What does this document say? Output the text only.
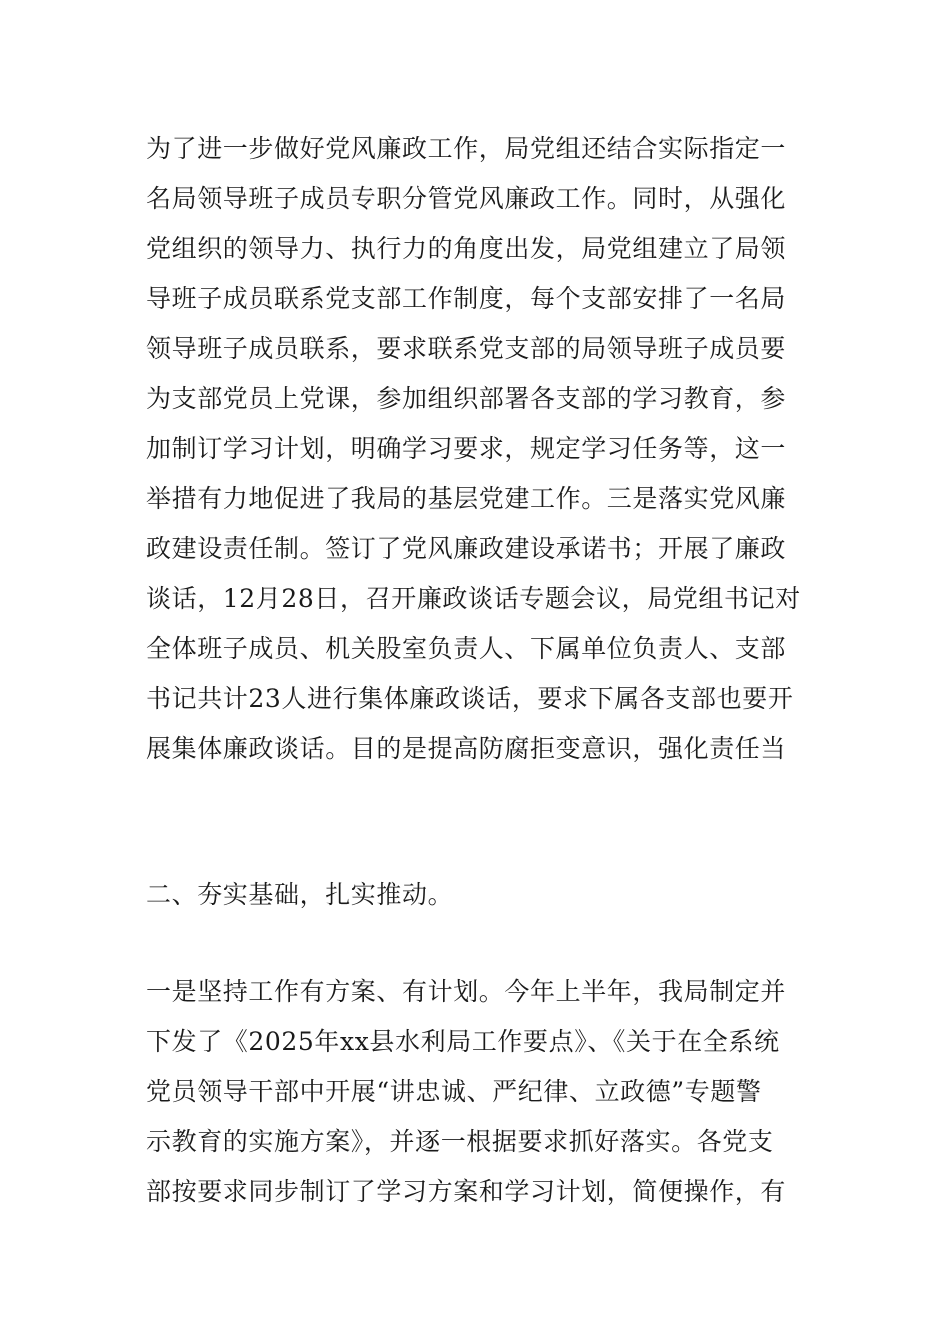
为了进一步做好党风廉政工作，局党组还结合实际指定一
名局领导班子成员专职分管党风廉政工作。同时，从强化
党组织的领导力、执行力的角度出发，局党组建立了局领
导班子成员联系党支部工作制度，每个支部安排了一名局
领导班子成员联系，要求联系党支部的局领导班子成员要
为支部党员上党课，参加组织部署各支部的学习教育，参
加制订学习计划，明确学习要求，规定学习任务等，这一
举措有力地促进了我局的基层党建工作。三是落实党风廉
政建设责任制。签订了党风廉政建设承诺书；开展了廉政
谈话，12月28日，召开廉政谈话专题会议，局党组书记对
全体班子成员、机关股室负责人、下属单位负责人、支部
书记共计23人进行集体廉政谈话，要求下属各支部也要开
展集体廉政谈话。目的是提高防腐拒变意识，强化责任当
二、夯实基础，扎实推动。
一是坚持工作有方案、有计划。今年上半年，我局制定并
下发了《2025年xx县水利局工作要点》、《关于在全系统
党员领导干部中开展“讲忠诚、严纪律、立政德”专题警
示教育的实施方案》，并逐一根据要求抓好落实。各党支
部按要求同步制订了学习方案和学习计划，简便操作，有
